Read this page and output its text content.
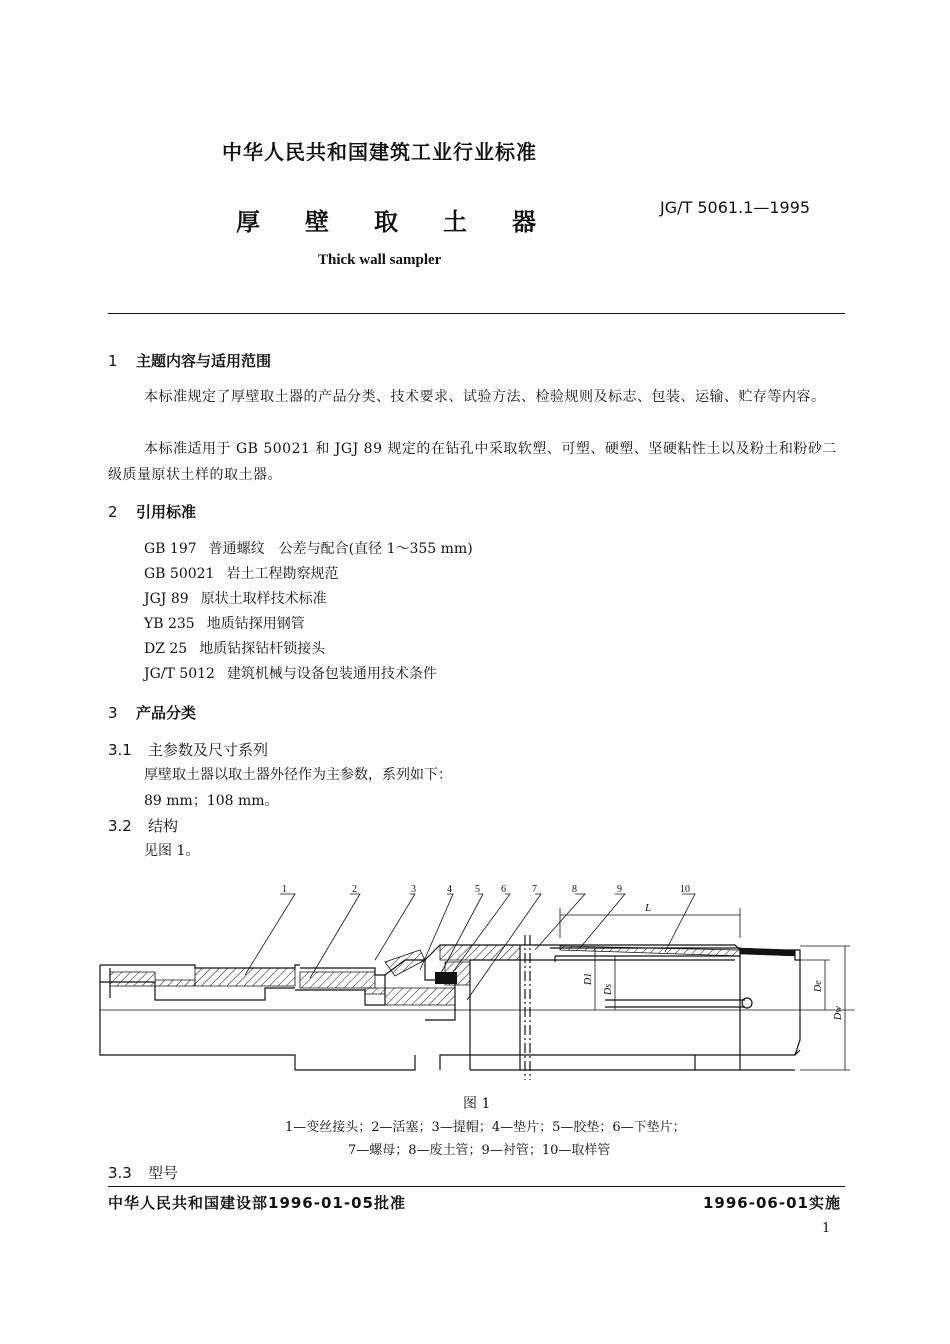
中华人民共和国建筑工业行业标准
厚 壁 取 土 器
JG/T 5061.1—1995
Thick wall sampler
1 主题内容与适用范围
本标准规定了厚壁取土器的产品分类、技术要求、试验方法、检验规则及标志、包装、运输、贮存等内容。
本标准适用于 GB 50021 和 JGJ 89 规定的在钻孔中采取软塑、可塑、硬塑、坚硬粘性土以及粉土和粉砂二级质量原状土样的取土器。
2 引用标准
GB 197 普通螺纹　公差与配合(直径 1～355 mm)
GB 50021 岩土工程勘察规范
JGJ 89 原状土取样技术标准
YB 235 地质钻探用钢管
DZ 25 地质钻探钻杆锁接头
JG/T 5012 建筑机械与设备包装通用技术条件
3 产品分类
3.1 主参数及尺寸系列
厚壁取土器以取土器外径作为主参数，系列如下：
89 mm；108 mm。
3.2 结构
见图 1。
1	2	3	4 5 6	7	8	9	10
L
D1
Ds	De
Dw
图 1
1—变丝接头；2—活塞；3—提帽；4—垫片；5—胶垫；6—下垫片；
7—螺母；8—废土管；9—衬管；10—取样管
3.3 型号
中华人民共和国建设部1996-01-05批准	1996-06-01实施
1
